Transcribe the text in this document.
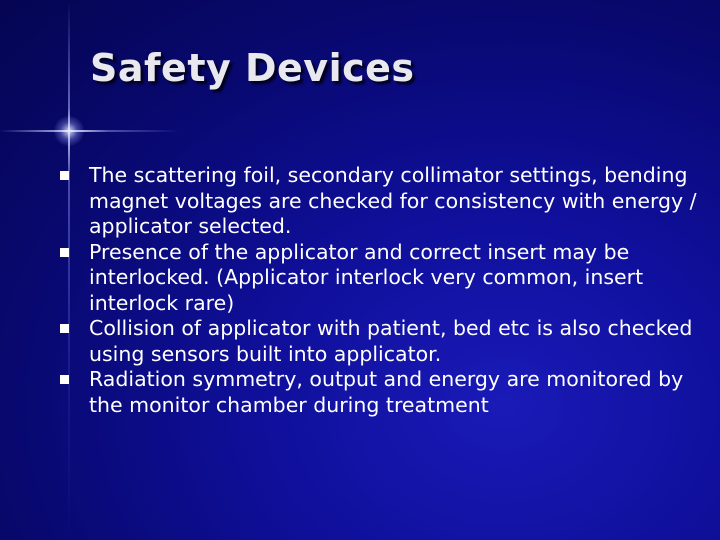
Safety Devices
The scattering foil, secondary collimator settings, bending magnet voltages are checked for consistency with energy / applicator selected.
Presence of the applicator and correct insert may be interlocked. (Applicator interlock very common, insert interlock rare)
Collision of applicator with patient, bed etc is also checked using sensors built into applicator.
Radiation symmetry, output and energy are monitored by the monitor chamber during treatment
